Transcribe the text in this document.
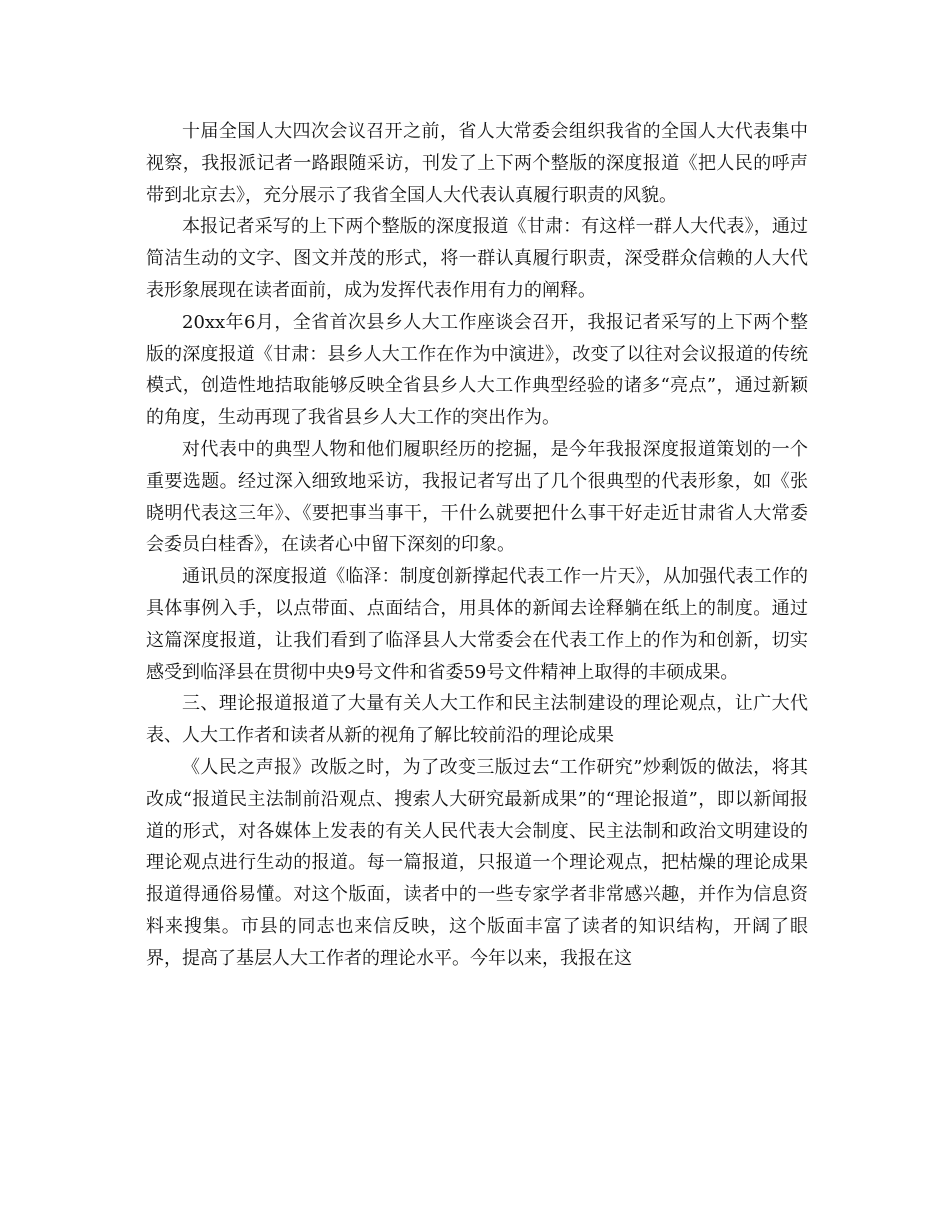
十届全国人大四次会议召开之前，省人大常委会组织我省的全国人大代表集中视察，我报派记者一路跟随采访，刊发了上下两个整版的深度报道《把人民的呼声带到北京去》，充分展示了我省全国人大代表认真履行职责的风貌。

本报记者采写的上下两个整版的深度报道《甘肃：有这样一群人大代表》，通过简洁生动的文字、图文并茂的形式，将一群认真履行职责，深受群众信赖的人大代表形象展现在读者面前，成为发挥代表作用有力的阐释。

20xx年6月，全省首次县乡人大工作座谈会召开，我报记者采写的上下两个整版的深度报道《甘肃：县乡人大工作在作为中演进》，改变了以往对会议报道的传统模式，创造性地拮取能够反映全省县乡人大工作典型经验的诸多“亮点”，通过新颖的角度，生动再现了我省县乡人大工作的突出作为。

对代表中的典型人物和他们履职经历的挖掘，是今年我报深度报道策划的一个重要选题。经过深入细致地采访，我报记者写出了几个很典型的代表形象，如《张晓明代表这三年》、《要把事当事干，干什么就要把什么事干好走近甘肃省人大常委会委员白桂香》，在读者心中留下深刻的印象。

通讯员的深度报道《临泽：制度创新撑起代表工作一片天》，从加强代表工作的具体事例入手，以点带面、点面结合，用具体的新闻去诠释躺在纸上的制度。通过这篇深度报道，让我们看到了临泽县人大常委会在代表工作上的作为和创新，切实感受到临泽县在贯彻中央9号文件和省委59号文件精神上取得的丰硕成果。

三、理论报道报道了大量有关人大工作和民主法制建设的理论观点，让广大代表、人大工作者和读者从新的视角了解比较前沿的理论成果

《人民之声报》改版之时，为了改变三版过去“工作研究”炒剩饭的做法，将其改成“报道民主法制前沿观点、搜索人大研究最新成果”的“理论报道”，即以新闻报道的形式，对各媒体上发表的有关人民代表大会制度、民主法制和政治文明建设的理论观点进行生动的报道。每一篇报道，只报道一个理论观点，把枯燥的理论成果报道得通俗易懂。对这个版面，读者中的一些专家学者非常感兴趣，并作为信息资料来搜集。市县的同志也来信反映，这个版面丰富了读者的知识结构，开阔了眼界，提高了基层人大工作者的理论水平。今年以来，我报在这
